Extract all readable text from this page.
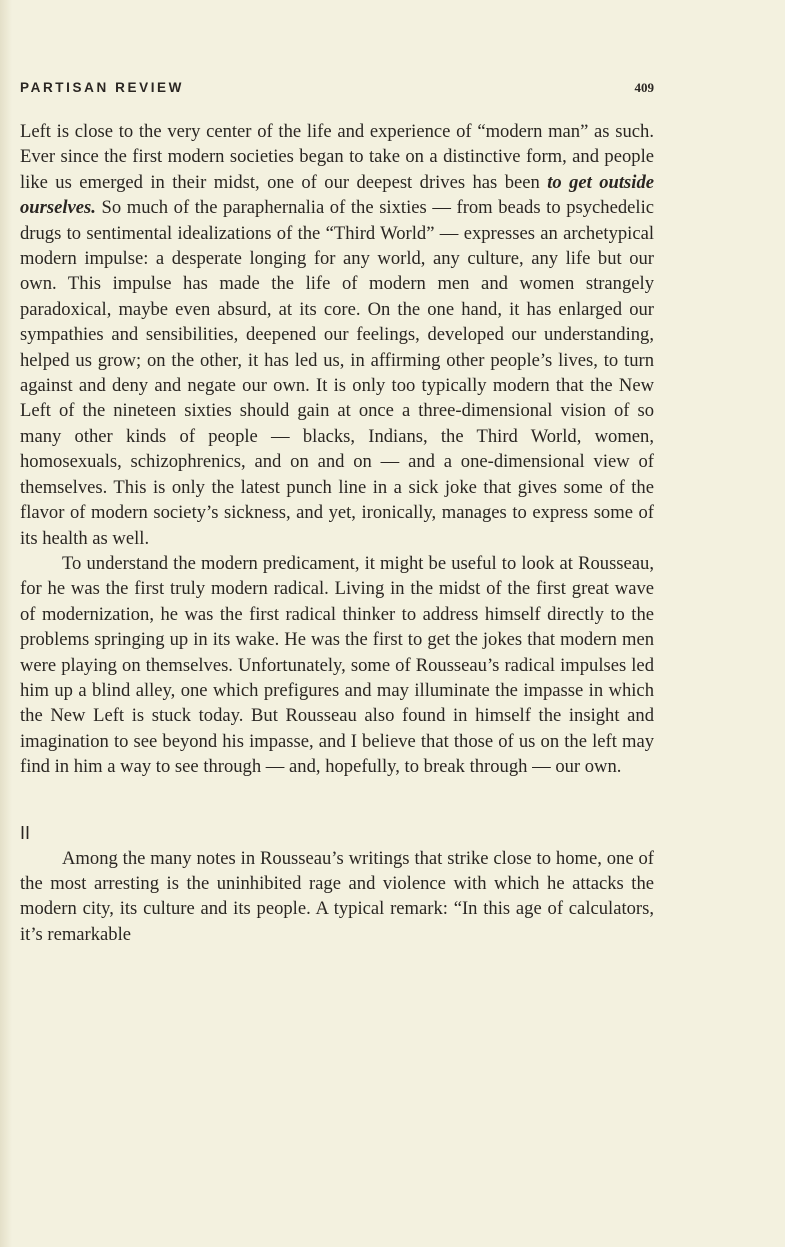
PARTISAN REVIEW	409

Left is close to the very center of the life and experience of “modern man” as such. Ever since the first modern societies began to take on a distinctive form, and people like us emerged in their midst, one of our deepest drives has been to get outside ourselves. So much of the paraphernalia of the sixties — from beads to psychedelic drugs to sentimental idealizations of the “Third World” — expresses an archetypical modern impulse: a desperate longing for any world, any culture, any life but our own. This impulse has made the life of modern men and women strangely paradoxical, maybe even absurd, at its core. On the one hand, it has enlarged our sympathies and sensibilities, deepened our feelings, developed our understanding, helped us grow; on the other, it has led us, in affirming other people’s lives, to turn against and deny and negate our own. It is only too typically modern that the New Left of the nineteen sixties should gain at once a three-dimensional vision of so many other kinds of people — blacks, Indians, the Third World, women, homosexuals, schizophrenics, and on and on — and a one-dimensional view of themselves. This is only the latest punch line in a sick joke that gives some of the flavor of modern society’s sickness, and yet, ironically, manages to express some of its health as well.

To understand the modern predicament, it might be useful to look at Rousseau, for he was the first truly modern radical. Living in the midst of the first great wave of modernization, he was the first radical thinker to address himself directly to the problems springing up in its wake. He was the first to get the jokes that modern men were playing on themselves. Unfortunately, some of Rousseau’s radical impulses led him up a blind alley, one which prefigures and may illuminate the impasse in which the New Left is stuck today. But Rousseau also found in himself the insight and imagination to see beyond his impasse, and I believe that those of us on the left may find in him a way to see through — and, hopefully, to break through — our own.

II

Among the many notes in Rousseau’s writings that strike close to home, one of the most arresting is the uninhibited rage and violence with which he attacks the modern city, its culture and its people. A typical remark: “In this age of calculators, it’s remarkable
